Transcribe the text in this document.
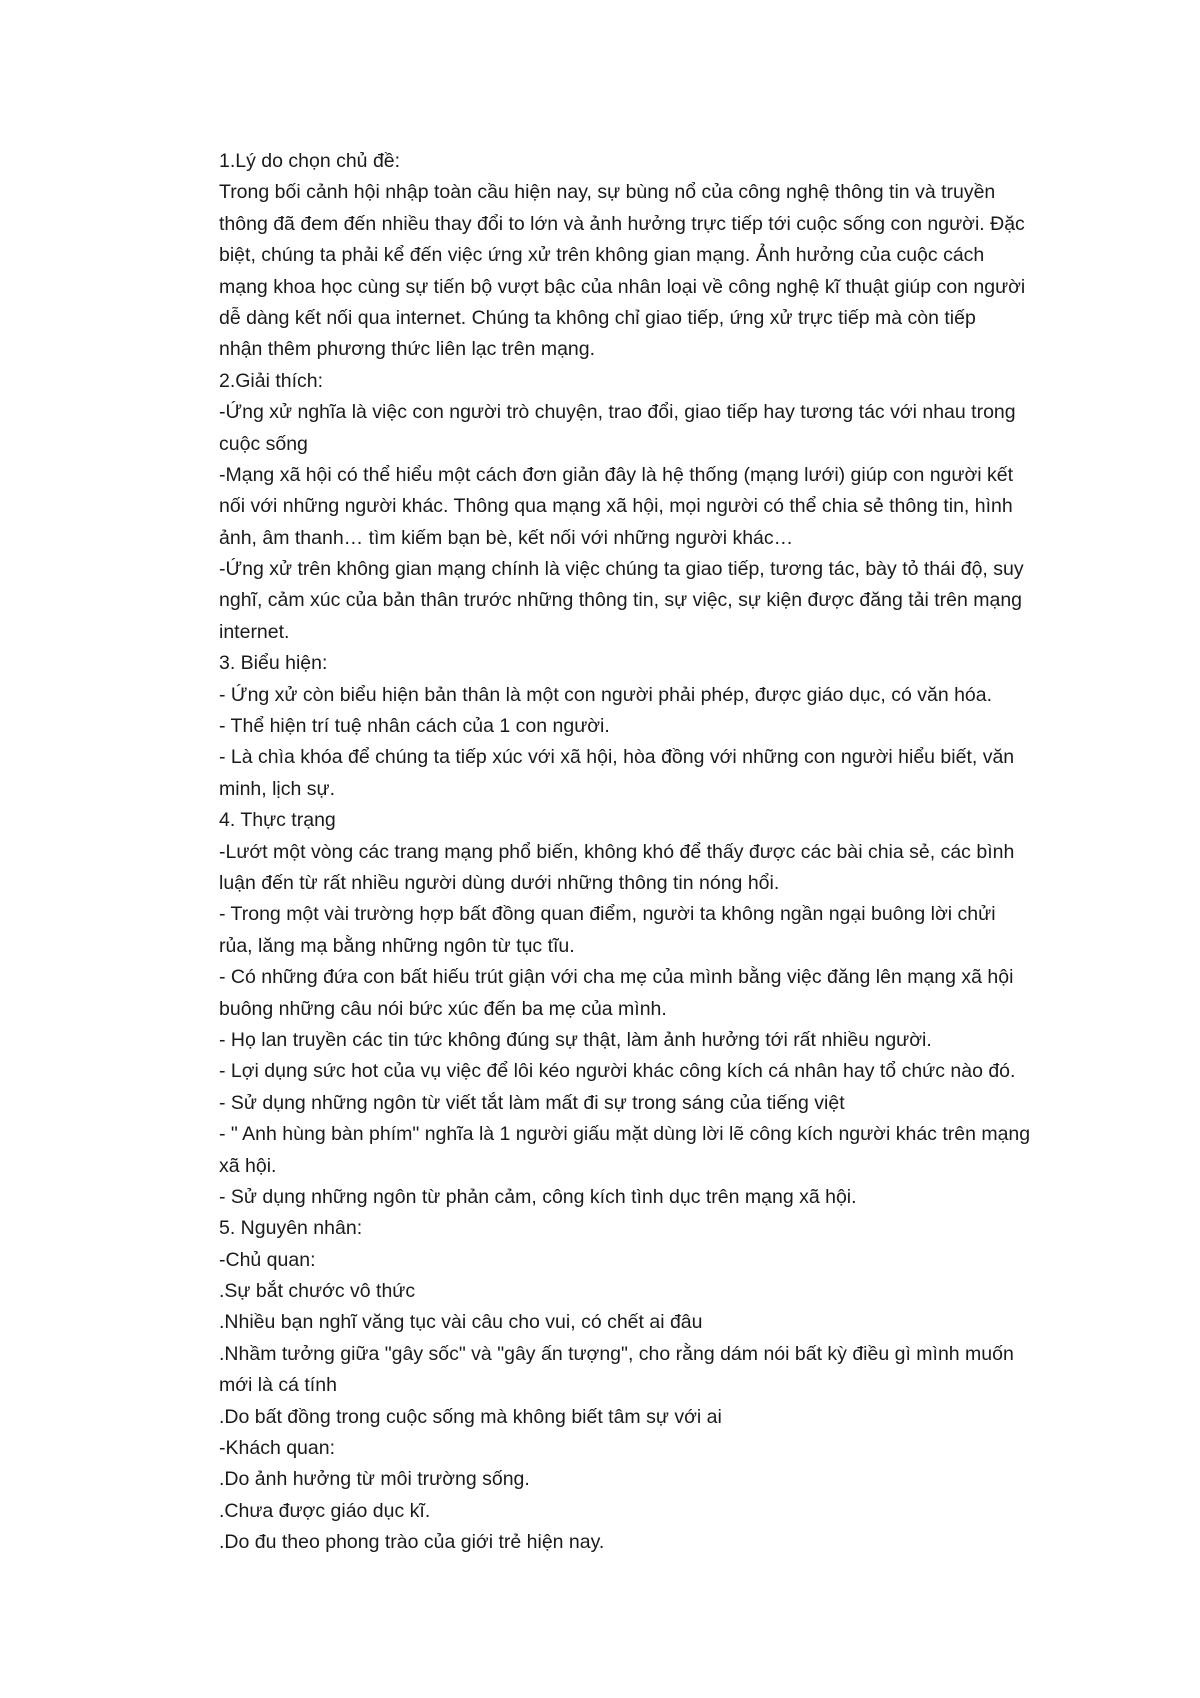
1.Lý do chọn chủ đề:
Trong bối cảnh hội nhập toàn cầu hiện nay, sự bùng nổ của công nghệ thông tin và truyền
thông đã đem đến nhiều thay đổi to lớn và ảnh hưởng trực tiếp tới cuộc sống con người. Đặc
biệt, chúng ta phải kể đến việc ứng xử trên không gian mạng. Ảnh hưởng của cuộc cách
mạng khoa học cùng sự tiến bộ vượt bậc của nhân loại về công nghệ kĩ thuật giúp con người
dễ dàng kết nối qua internet. Chúng ta không chỉ giao tiếp, ứng xử trực tiếp mà còn tiếp
nhận thêm phương thức liên lạc trên mạng.
2.Giải thích:
-Ứng xử nghĩa là việc con người trò chuyện, trao đổi, giao tiếp hay tương tác với nhau trong
cuộc sống
-Mạng xã hội có thể hiểu một cách đơn giản đây là hệ thống (mạng lưới) giúp con người kết
nối với những người khác. Thông qua mạng xã hội, mọi người có thể chia sẻ thông tin, hình
ảnh, âm thanh… tìm kiếm bạn bè, kết nối với những người khác…
-Ứng xử trên không gian mạng chính là việc chúng ta giao tiếp, tương tác, bày tỏ thái độ, suy
nghĩ, cảm xúc của bản thân trước những thông tin, sự việc, sự kiện được đăng tải trên mạng
internet.
3. Biểu hiện:
- Ứng xử còn biểu hiện bản thân là một con người phải phép, được giáo dục, có văn hóa.
- Thể hiện trí tuệ nhân cách của 1 con người.
- Là chìa khóa để chúng ta tiếp xúc với xã hội, hòa đồng với những con người hiểu biết, văn
minh, lịch sự.
4. Thực trạng
-Lướt một vòng các trang mạng phổ biến, không khó để thấy được các bài chia sẻ, các bình
luận đến từ rất nhiều người dùng dưới những thông tin nóng hổi.
- Trong một vài trường hợp bất đồng quan điểm, người ta không ngần ngại buông lời chửi
rủa, lăng mạ bằng những ngôn từ tục tĩu.
- Có những đứa con bất hiếu trút giận với cha mẹ của mình bằng việc đăng lên mạng xã hội
buông những câu nói bức xúc đến ba mẹ của mình.
- Họ lan truyền các tin tức không đúng sự thật, làm ảnh hưởng tới rất nhiều người.
- Lợi dụng sức hot của vụ việc để lôi kéo người khác công kích cá nhân hay tổ chức nào đó.
- Sử dụng những ngôn từ viết tắt làm mất đi sự trong sáng của tiếng việt
- " Anh hùng bàn phím" nghĩa là 1 người giấu mặt dùng lời lẽ công kích người khác trên mạng
xã hội.
- Sử dụng những ngôn từ phản cảm, công kích tình dục trên mạng xã hội.
5. Nguyên nhân:
-Chủ quan:
.Sự bắt chước vô thức
.Nhiều bạn nghĩ văng tục vài câu cho vui, có chết ai đâu
.Nhầm tưởng giữa "gây sốc" và "gây ấn tượng", cho rằng dám nói bất kỳ điều gì mình muốn
mới là cá tính
.Do bất đồng trong cuộc sống mà không biết tâm sự với ai
-Khách quan:
.Do ảnh hưởng từ môi trường sống.
.Chưa được giáo dục kĩ.
.Do đu theo phong trào của giới trẻ hiện nay.
